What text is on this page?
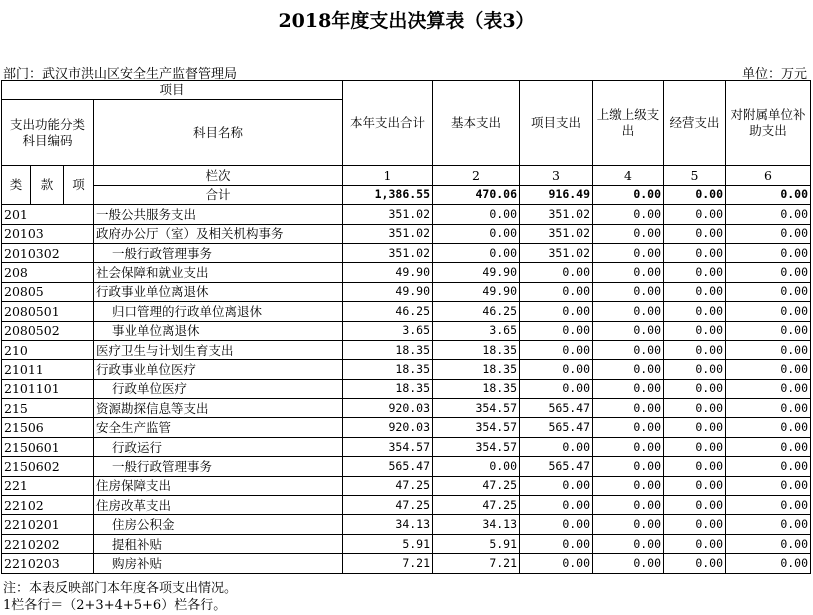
2018年度支出决算表（表3）
部门：武汉市洪山区安全生产监督管理局	单位：万元
项目				本年支出合计	基本支出	项目支出	上缴上级支出	经营支出	对附属单位补助支出
支出功能分类科目编码			科目名称						

类	款	项	栏次	1	2	3	4	5	6
			合计	1,386.55	470.06	916.49	0.00	0.00	0.00
201			一般公共服务支出	351.02	0.00	351.02	0.00	0.00	0.00
20103			政府办公厅（室）及相关机构事务	351.02	0.00	351.02	0.00	0.00	0.00
2010302			一般行政管理事务	351.02	0.00	351.02	0.00	0.00	0.00
208			社会保障和就业支出	49.90	49.90	0.00	0.00	0.00	0.00
20805			行政事业单位离退休	49.90	49.90	0.00	0.00	0.00	0.00
2080501			归口管理的行政单位离退休	46.25	46.25	0.00	0.00	0.00	0.00
2080502			事业单位离退休	3.65	3.65	0.00	0.00	0.00	0.00
210			医疗卫生与计划生育支出	18.35	18.35	0.00	0.00	0.00	0.00
21011			行政事业单位医疗	18.35	18.35	0.00	0.00	0.00	0.00
2101101			行政单位医疗	18.35	18.35	0.00	0.00	0.00	0.00
215			资源勘探信息等支出	920.03	354.57	565.47	0.00	0.00	0.00
21506			安全生产监管	920.03	354.57	565.47	0.00	0.00	0.00
2150601			行政运行	354.57	354.57	0.00	0.00	0.00	0.00
2150602			一般行政管理事务	565.47	0.00	565.47	0.00	0.00	0.00
221			住房保障支出	47.25	47.25	0.00	0.00	0.00	0.00
22102			住房改革支出	47.25	47.25	0.00	0.00	0.00	0.00
2210201			住房公积金	34.13	34.13	0.00	0.00	0.00	0.00
2210202			提租补贴	5.91	5.91	0.00	0.00	0.00	0.00
2210203			购房补贴	7.21	7.21	0.00	0.00	0.00	0.00
注：本表反映部门本年度各项支出情况。
1栏各行＝（2+3+4+5+6）栏各行。
